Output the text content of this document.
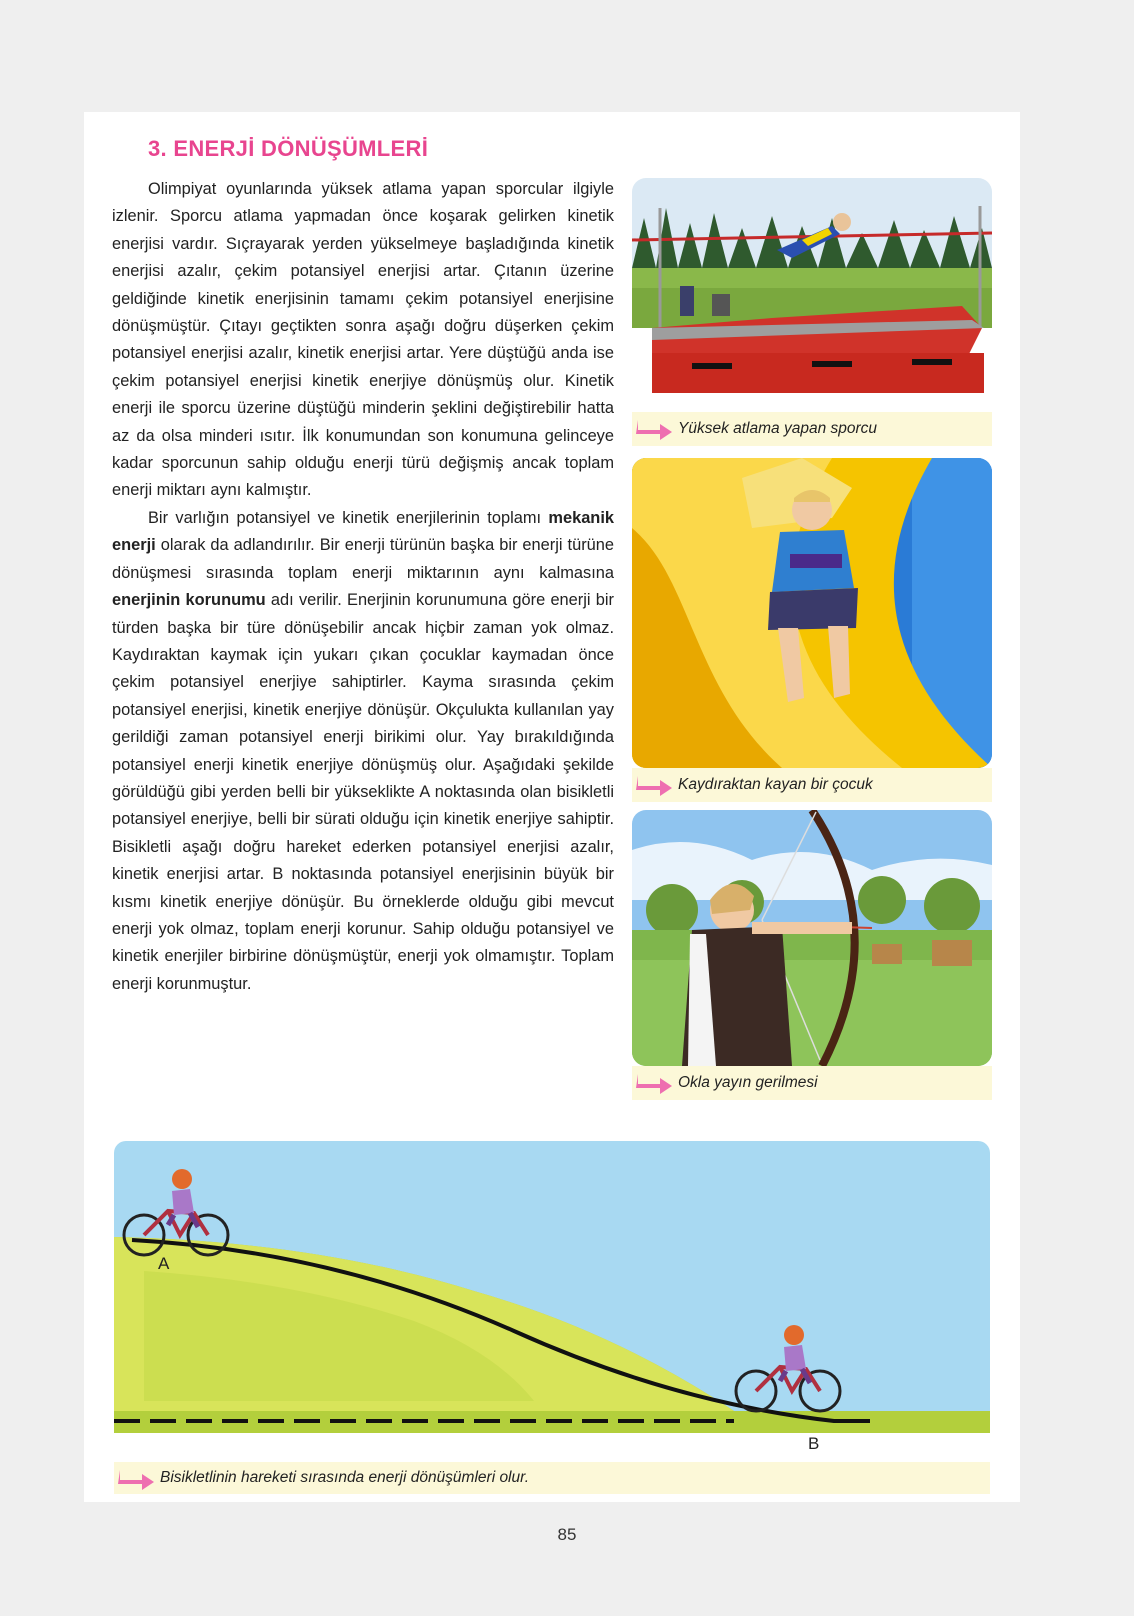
3. ENERJİ DÖNÜŞÜMLERİ

Olimpiyat oyunlarında yüksek atlama yapan sporcular ilgiyle izlenir. Sporcu atlama yapmadan önce koşarak gelirken kinetik enerjisi vardır. Sıçrayarak yerden yükselmeye başladığında kinetik enerjisi azalır, çekim potansiyel enerjisi artar. Çıtanın üzerine geldiğinde kinetik enerjisinin tamamı çekim potansiyel enerjisine dönüşmüştür. Çıtayı geçtikten sonra aşağı doğru düşerken çekim potansiyel enerjisi azalır, kinetik enerjisi artar. Yere düştüğü anda ise çekim potansiyel enerjisi kinetik enerjiye dönüşmüş olur. Kinetik enerji ile sporcu üzerine düştüğü minderin şeklini değiştirebilir hatta az da olsa minderi ısıtır. İlk konumundan son konumuna gelinceye kadar sporcunun sahip olduğu enerji türü değişmiş ancak toplam enerji miktarı aynı kalmıştır.

Bir varlığın potansiyel ve kinetik enerjilerinin toplamı mekanik enerji olarak da adlandırılır. Bir enerji türünün başka bir enerji türüne dönüşmesi sırasında toplam enerji miktarının aynı kalmasına enerjinin korunumu adı verilir. Enerjinin korunumuna göre enerji bir türden başka bir türe dönüşebilir ancak hiçbir zaman yok olmaz. Kaydıraktan kaymak için yukarı çıkan çocuklar kaymadan önce çekim potansiyel enerjiye sahiptirler. Kayma sırasında çekim potansiyel enerjisi, kinetik enerjiye dönüşür. Okçulukta kullanılan yay gerildiği zaman potansiyel enerji birikimi olur. Yay bırakıldığında potansiyel enerji kinetik enerjiye dönüşmüş olur. Aşağıdaki şekilde görüldüğü gibi yerden belli bir yükseklikte A noktasında olan bisikletli potansiyel enerjiye, belli bir sürati olduğu için kinetik enerjiye sahiptir. Bisikletli aşağı doğru hareket ederken potansiyel enerjisi azalır, kinetik enerjisi artar. B noktasında potansiyel enerjisinin büyük bir kısmı kinetik enerjiye dönüşür. Bu örneklerde olduğu gibi mevcut enerji yok olmaz, toplam enerji korunur. Sahip olduğu potansiyel ve kinetik enerjiler birbirine dönüşmüştür, enerji yok olmamıştır. Toplam enerji korunmuştur.

Yüksek atlama yapan sporcu
Kaydıraktan kayan bir çocuk
Okla yayın gerilmesi
A
B
Bisikletlinin hareketi sırasında enerji dönüşümleri olur.
85
